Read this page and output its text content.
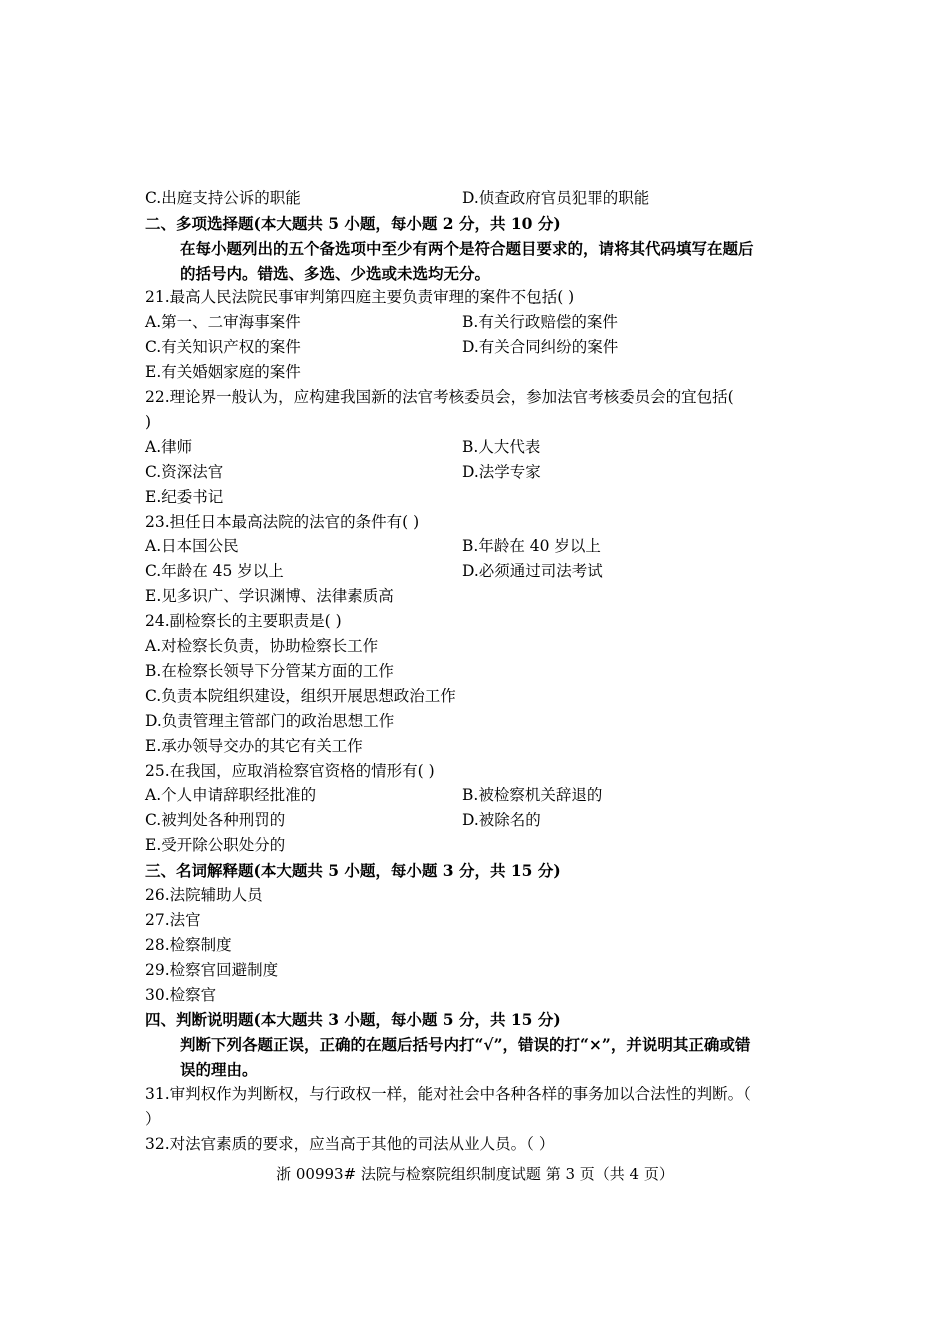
C.出庭支持公诉的职能	D.侦查政府官员犯罪的职能
二、多项选择题(本大题共 5 小题，每小题 2 分，共 10 分)
在每小题列出的五个备选项中至少有两个是符合题目要求的，请将其代码填写在题后
的括号内。错选、多选、少选或未选均无分。
21.最高人民法院民事审判第四庭主要负责审理的案件不包括( )
A.第一、二审海事案件	B.有关行政赔偿的案件
C.有关知识产权的案件	D.有关合同纠纷的案件
E.有关婚姻家庭的案件
22.理论界一般认为，应构建我国新的法官考核委员会，参加法官考核委员会的宜包括(
)
A.律师	B.人大代表
C.资深法官	D.法学专家
E.纪委书记
23.担任日本最高法院的法官的条件有( )
A.日本国公民	B.年龄在 40 岁以上
C.年龄在 45 岁以上	D.必须通过司法考试
E.见多识广、学识渊博、法律素质高
24.副检察长的主要职责是( )
A.对检察长负责，协助检察长工作
B.在检察长领导下分管某方面的工作
C.负责本院组织建设，组织开展思想政治工作
D.负责管理主管部门的政治思想工作
E.承办领导交办的其它有关工作
25.在我国，应取消检察官资格的情形有( )
A.个人申请辞职经批准的	B.被检察机关辞退的
C.被判处各种刑罚的	D.被除名的
E.受开除公职处分的
三、名词解释题(本大题共 5 小题，每小题 3 分，共 15 分)
26.法院辅助人员
27.法官
28.检察制度
29.检察官回避制度
30.检察官
四、判断说明题(本大题共 3 小题，每小题 5 分，共 15 分)
判断下列各题正误，正确的在题后括号内打“√”，错误的打“×”，并说明其正确或错
误的理由。
31.审判权作为判断权，与行政权一样，能对社会中各种各样的事务加以合法性的判断。（
）
32.对法官素质的要求，应当高于其他的司法从业人员。（ ）
浙 00993# 法院与检察院组织制度试题 第 3 页（共 4 页）
